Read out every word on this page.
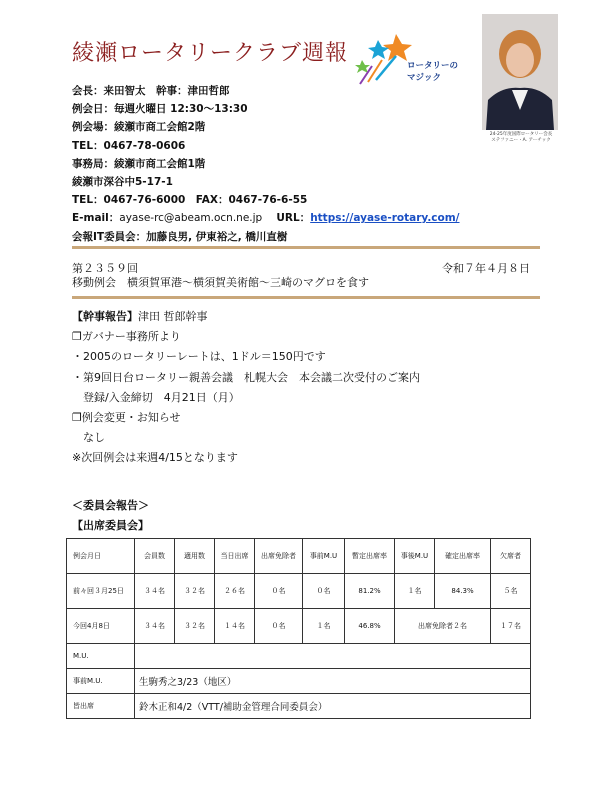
綾瀬ロータリークラブ週報	ロータリーの
マジック
24-25年度国際ロータリー会長
ステファニー・A. アーチック
会長：来田智太　幹事：津田哲郎
例会日：毎週火曜日 12:30～13:30
例会場：綾瀬市商工会館2階
TEL：0467-78-0606
事務局：綾瀬市商工会館1階
綾瀬市深谷中5-17-1
TEL：0467-76-6000　FAX：0467-76-6-55
E-mail：ayase-rc@abeam.ocn.ne.jp　 URL：https://ayase-rotary.com/
会報IT委員会：加藤良男, 伊東裕之, 橋川直樹
第２３５９回	令和７年４月８日
移動例会　横須賀軍港～横須賀美術館～三崎のマグロを食す
【幹事報告】津田 哲郎幹事
❐ガバナー事務所より
・2005のロータリーレートは、1ドル＝150円です
・第9回日台ロータリー親善会議　札幌大会　本会議二次受付のご案内
　登録/入金締切　4月21日（月）
❐例会変更・お知らせ
　なし
※次回例会は来週4/15となります
＜委員会報告＞
【出席委員会】
例会月日	会員数	適用数	当日出席	出席免除者	事前M.U	暫定出席率	事後M.U	確定出席率	欠席者
前々回３月25日	３４名	３２名	２６名	０名	０名	81.2%	１名	84.3%	５名
今回4月8日	３４名	３２名	１４名	０名	１名	46.8%	出席免除者２名		１７名
M.U.									
事前M.U.	生駒秀之3/23（地区）								
皆出席	鈴木正和4/2（VTT/補助金管理合同委員会）								
